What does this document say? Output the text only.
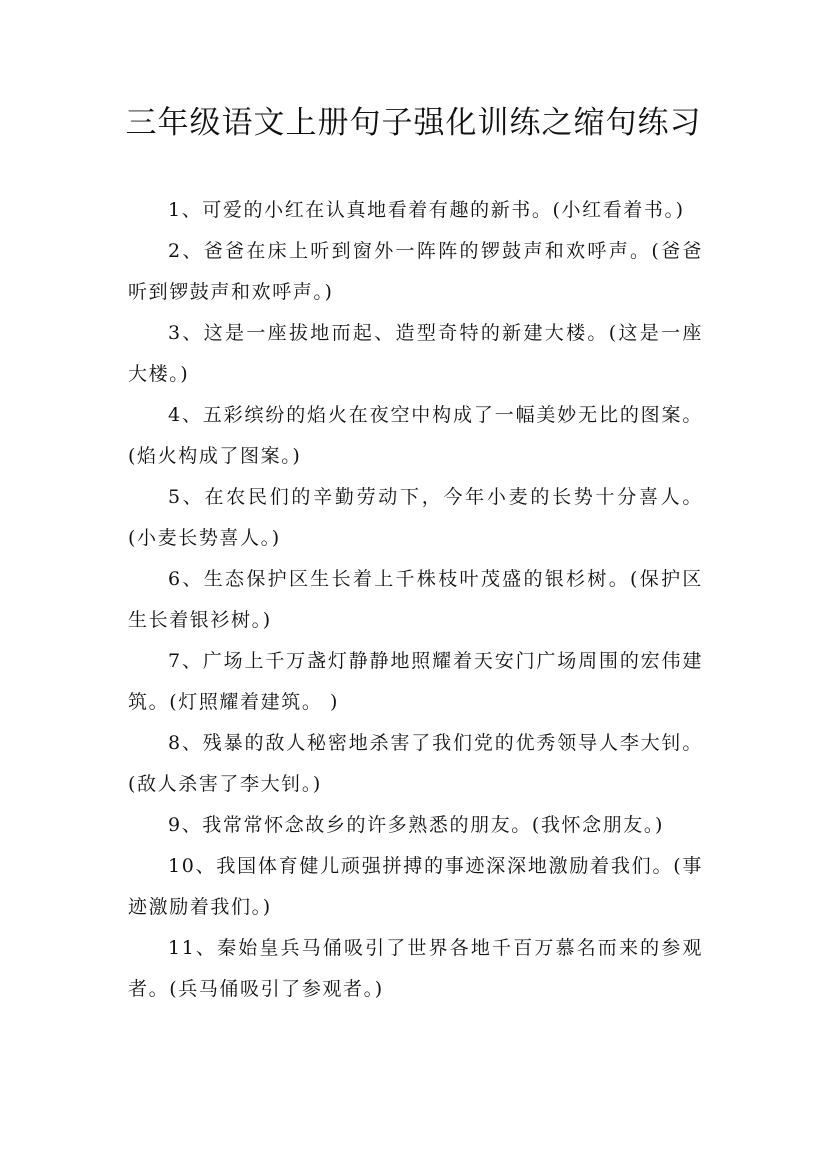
三年级语文上册句子强化训练之缩句练习
1、可爱的小红在认真地看着有趣的新书。(小红看着书。)
2、爸爸在床上听到窗外一阵阵的锣鼓声和欢呼声。(爸爸听到锣鼓声和欢呼声。)
3、这是一座拔地而起、造型奇特的新建大楼。(这是一座大楼。)
4、五彩缤纷的焰火在夜空中构成了一幅美妙无比的图案。(焰火构成了图案。)
5、在农民们的辛勤劳动下，今年小麦的长势十分喜人。(小麦长势喜人。)
6、生态保护区生长着上千株枝叶茂盛的银杉树。(保护区生长着银衫树。)
7、广场上千万盏灯静静地照耀着天安门广场周围的宏伟建筑。(灯照耀着建筑。 )
8、残暴的敌人秘密地杀害了我们党的优秀领导人李大钊。(敌人杀害了李大钊。)
9、我常常怀念故乡的许多熟悉的朋友。(我怀念朋友。)
10、我国体育健儿顽强拼搏的事迹深深地激励着我们。(事迹激励着我们。)
11、秦始皇兵马俑吸引了世界各地千百万慕名而来的参观者。(兵马俑吸引了参观者。)
